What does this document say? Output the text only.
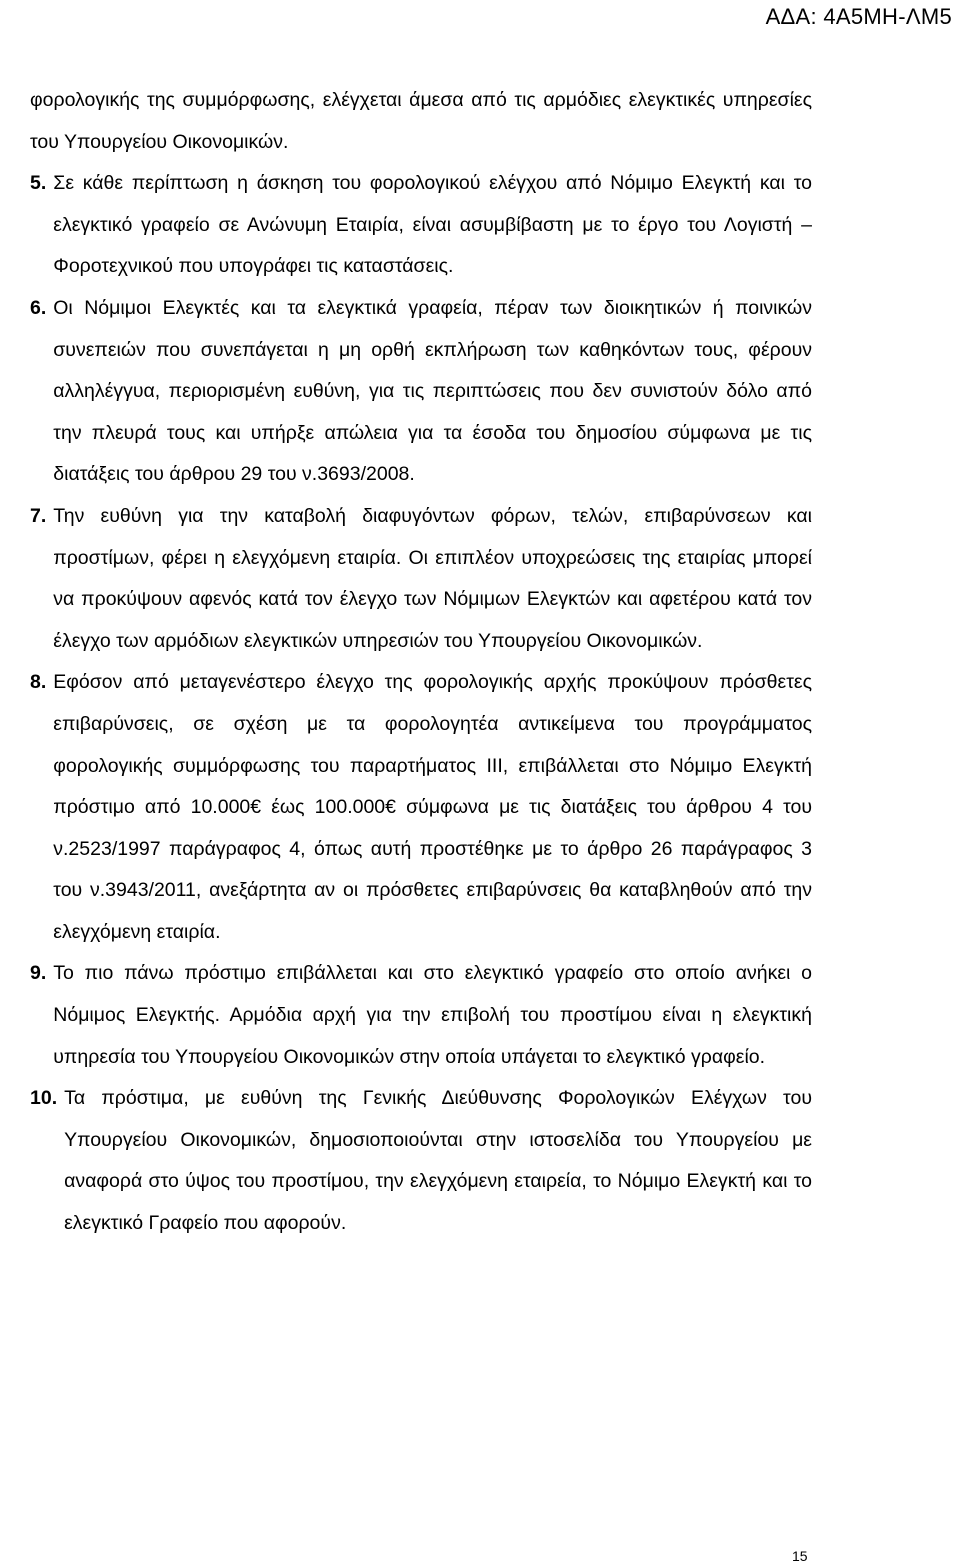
ΑΔΑ: 4Α5ΜΗ-ΛΜ5

φορολογικής της συμμόρφωσης, ελέγχεται άμεσα από τις αρμόδιες ελεγκτικές υπηρεσίες του Υπουργείου Οικονομικών.

5. Σε κάθε περίπτωση η άσκηση του φορολογικού ελέγχου από Νόμιμο Ελεγκτή και το ελεγκτικό γραφείο σε Ανώνυμη Εταιρία, είναι ασυμβίβαστη με το έργο του Λογιστή – Φοροτεχνικού που υπογράφει τις καταστάσεις.
6. Οι Νόμιμοι Ελεγκτές και τα ελεγκτικά γραφεία, πέραν των διοικητικών ή ποινικών συνεπειών που συνεπάγεται η μη ορθή εκπλήρωση των καθηκόντων τους, φέρουν αλληλέγγυα, περιορισμένη ευθύνη, για τις περιπτώσεις που δεν συνιστούν δόλο από την πλευρά τους και υπήρξε απώλεια για τα έσοδα του δημοσίου σύμφωνα με τις διατάξεις του άρθρου 29 του ν.3693/2008.
7. Την ευθύνη για την καταβολή διαφυγόντων φόρων, τελών, επιβαρύνσεων και προστίμων, φέρει η ελεγχόμενη εταιρία. Οι επιπλέον υποχρεώσεις της εταιρίας μπορεί να προκύψουν αφενός κατά τον έλεγχο των Νόμιμων Ελεγκτών και αφετέρου κατά τον έλεγχο των αρμόδιων ελεγκτικών υπηρεσιών του Υπουργείου Οικονομικών.
8. Εφόσον από μεταγενέστερο έλεγχο της φορολογικής αρχής προκύψουν πρόσθετες επιβαρύνσεις, σε σχέση με τα φορολογητέα αντικείμενα του προγράμματος φορολογικής συμμόρφωσης του παραρτήματος ΙΙΙ, επιβάλλεται στο Νόμιμο Ελεγκτή πρόστιμο από 10.000€ έως 100.000€ σύμφωνα με τις διατάξεις του άρθρου 4 του ν.2523/1997 παράγραφος 4, όπως αυτή προστέθηκε με το άρθρο 26 παράγραφος 3 του ν.3943/2011, ανεξάρτητα αν οι πρόσθετες επιβαρύνσεις θα καταβληθούν από την ελεγχόμενη εταιρία.
9. Το πιο πάνω πρόστιμο επιβάλλεται και στο ελεγκτικό γραφείο στο οποίο ανήκει ο Νόμιμος Ελεγκτής. Αρμόδια αρχή για την επιβολή του προστίμου είναι η ελεγκτική υπηρεσία του Υπουργείου Οικονομικών στην οποία υπάγεται το ελεγκτικό γραφείο.
10. Τα πρόστιμα, με ευθύνη της Γενικής Διεύθυνσης Φορολογικών Ελέγχων του Υπουργείου Οικονομικών, δημοσιοποιούνται στην ιστοσελίδα του Υπουργείου με αναφορά στο ύψος του προστίμου, την ελεγχόμενη εταιρεία, το Νόμιμο Ελεγκτή και το ελεγκτικό Γραφείο που αφορούν.
15
